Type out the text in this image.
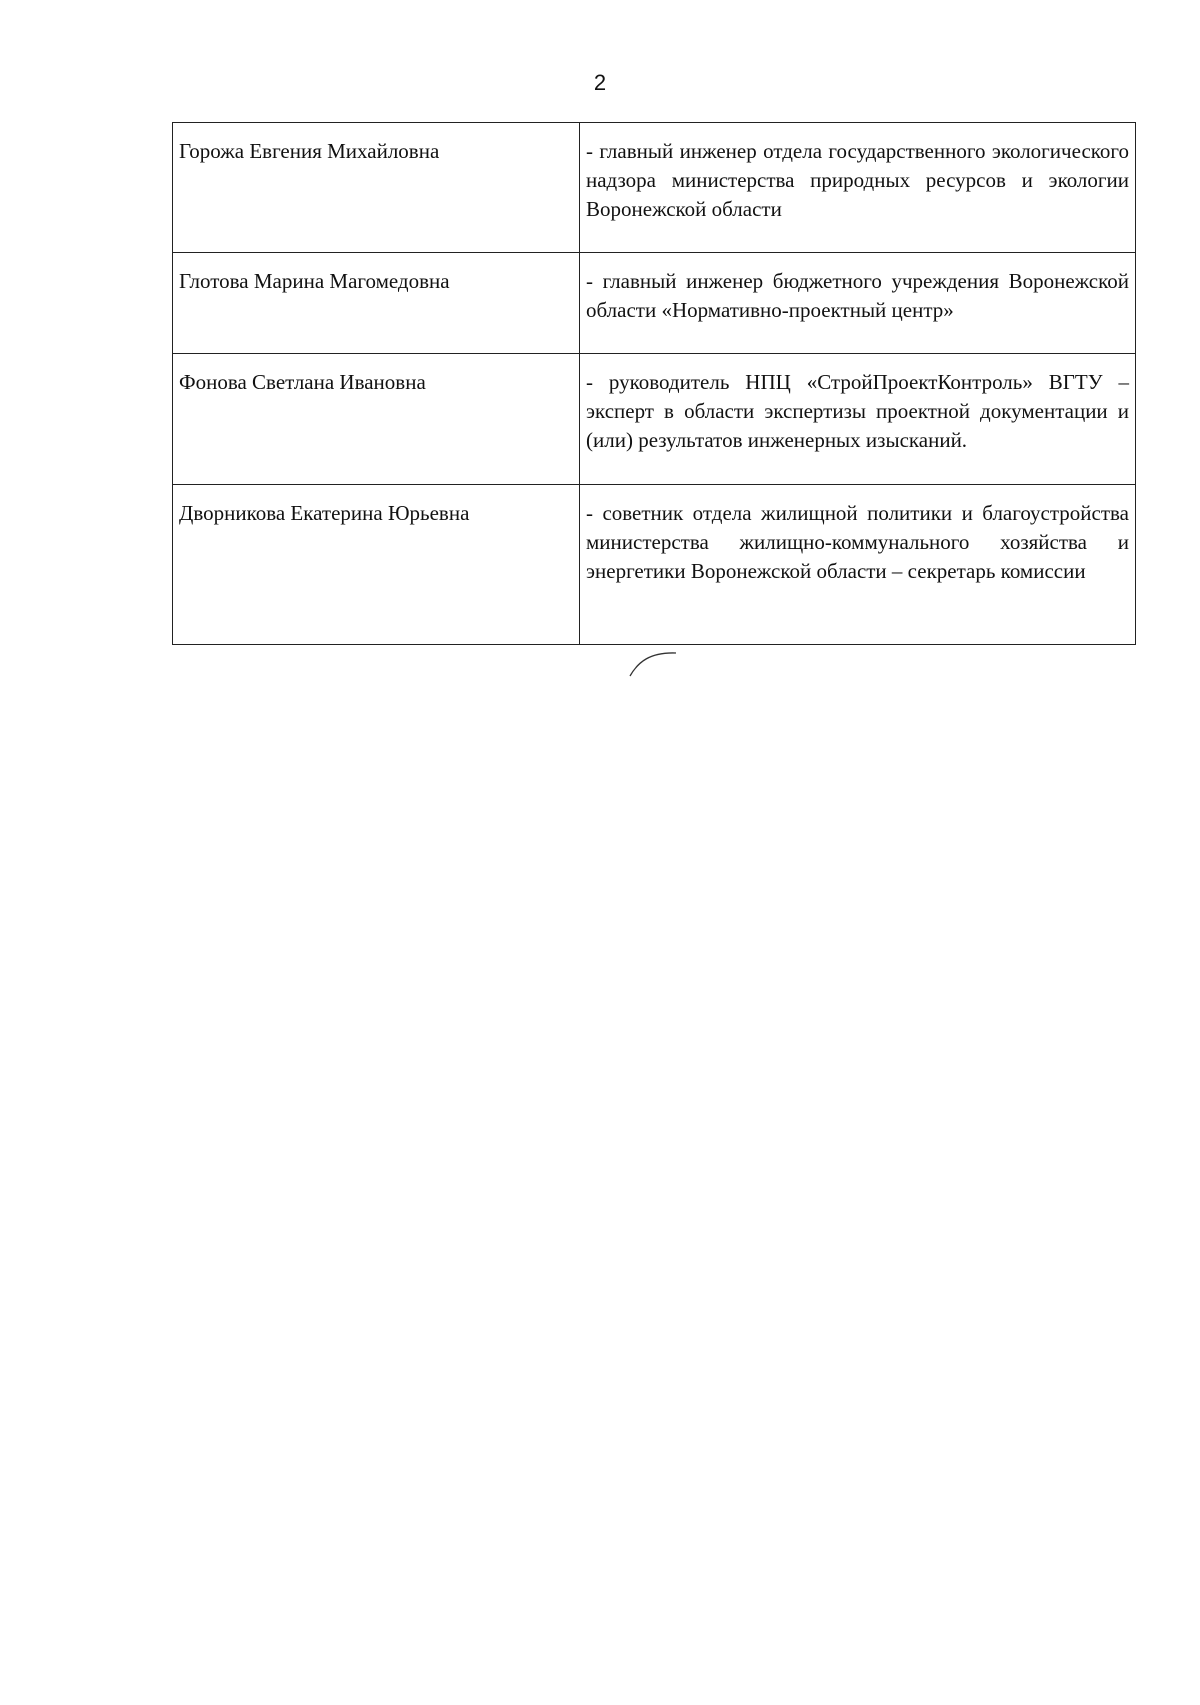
2
Горожа Евгения Михайловна	- главный инженер отдела государственного экологического надзора министерства природных ресурсов и экологии Воронежской области
Глотова Марина Магомедовна	- главный инженер бюджетного учреждения Воронежской области «Нормативно-проектный центр»
Фонова Светлана Ивановна	- руководитель НПЦ «СтройПроектКонтроль» ВГТУ – эксперт в области экспертизы проектной документации и (или) результатов инженерных изысканий.
Дворникова Екатерина Юрьевна	- советник отдела жилищной политики и благоустройства министерства жилищно-коммунального хозяйства и энергетики Воронежской области – секретарь комиссии
